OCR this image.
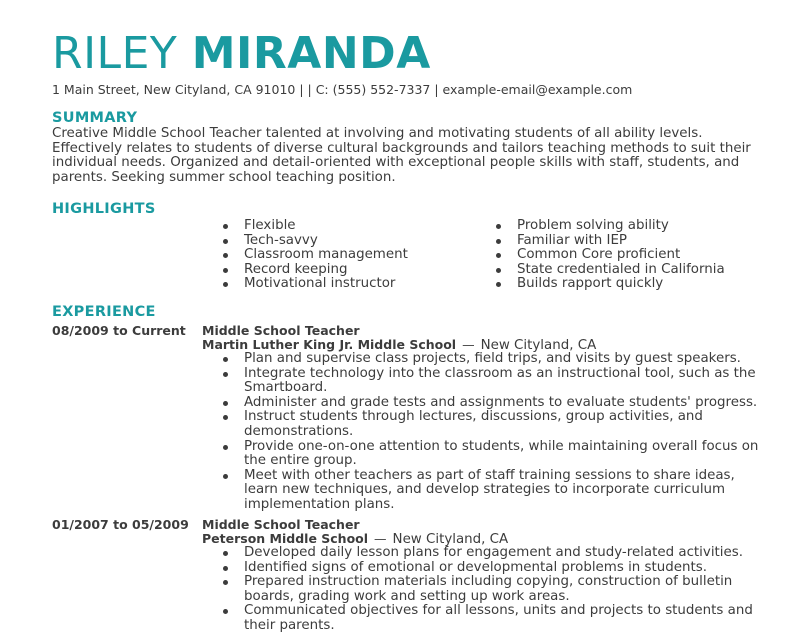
RILEY MIRANDA
1 Main Street, New Cityland, CA 91010 | | C: (555) 552-7337 | example-email@example.com
SUMMARY
Creative Middle School Teacher talented at involving and motivating students of all ability levels.
Effectively relates to students of diverse cultural backgrounds and tailors teaching methods to suit their
individual needs. Organized and detail-oriented with exceptional people skills with staff, students, and
parents. Seeking summer school teaching position.
HIGHLIGHTS
Flexible
Tech-savvy
Classroom management
Record keeping
Motivational instructor
Problem solving ability
Familiar with IEP
Common Core proficient
State credentialed in California
Builds rapport quickly
EXPERIENCE
08/2009 to Current Middle School Teacher
Martin Luther King Jr. Middle School — New Cityland, CA
Plan and supervise class projects, field trips, and visits by guest speakers.
Integrate technology into the classroom as an instructional tool, such as the
Smartboard.
Administer and grade tests and assignments to evaluate students' progress.
Instruct students through lectures, discussions, group activities, and
demonstrations.
Provide one-on-one attention to students, while maintaining overall focus on
the entire group.
Meet with other teachers as part of staff training sessions to share ideas,
learn new techniques, and develop strategies to incorporate curriculum
implementation plans.
01/2007 to 05/2009 Middle School Teacher
Peterson Middle School — New Cityland, CA
Developed daily lesson plans for engagement and study-related activities.
Identified signs of emotional or developmental problems in students.
Prepared instruction materials including copying, construction of bulletin
boards, grading work and setting up work areas.
Communicated objectives for all lessons, units and projects to students and
their parents.
